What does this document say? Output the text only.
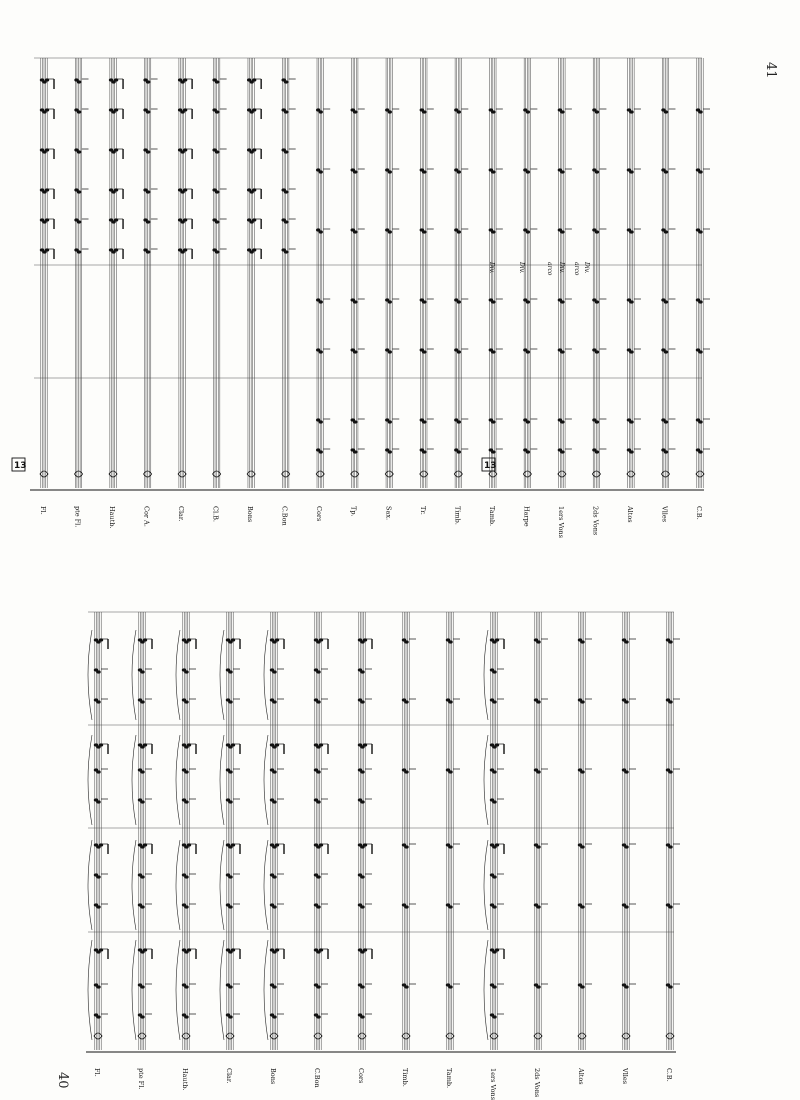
41
40
Fl.	pte Fl.	Hautb.	Cor A.	Clar.	Cl.B.	Bons	C.Bon	Cors	Tp.	Sax.	Tr.	Timb.	Tamb.	Harpe	1ers Vons	2ds Vons	Altos	Vlles	C.B.
13	13
Div.	Div.	arco Div. arco Div.
Fl.	pte Fl.	Hautb.	Clar.	Bons	C.Bon	Cors	Timb.	Tamb.	1ers Vons	2ds Vons	Altos	Vlles	C.B.
